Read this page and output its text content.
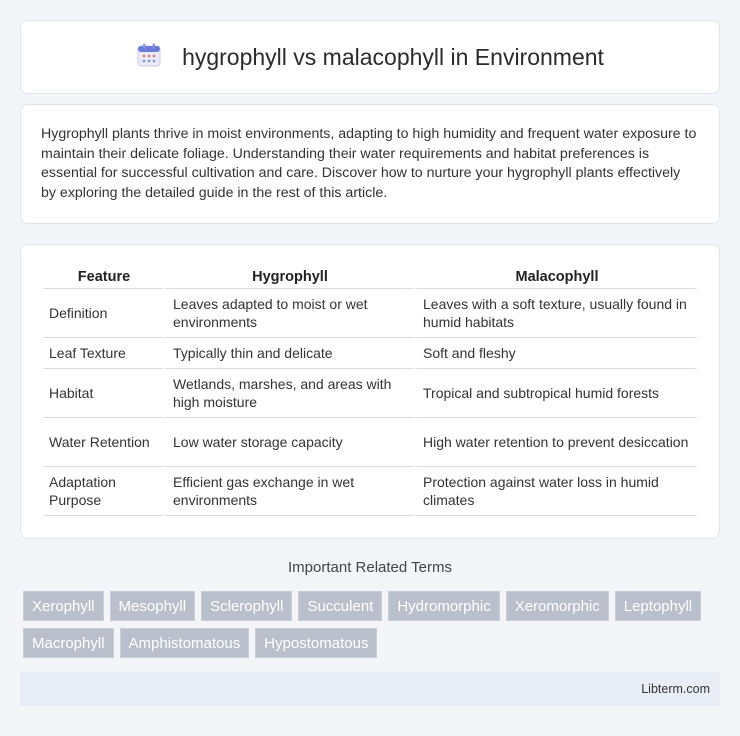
hygrophyll vs malacophyll in Environment

Hygrophyll plants thrive in moist environments, adapting to high humidity and frequent water exposure to maintain their delicate foliage. Understanding their water requirements and habitat preferences is essential for successful cultivation and care. Discover how to nurture your hygrophyll plants effectively by exploring the detailed guide in the rest of this article.

Feature	Hygrophyll	Malacophyll
Definition	Leaves adapted to moist or wet environments	Leaves with a soft texture, usually found in humid habitats
Leaf Texture	Typically thin and delicate	Soft and fleshy
Habitat	Wetlands, marshes, and areas with high moisture	Tropical and subtropical humid forests
Water Retention	Low water storage capacity	High water retention to prevent desiccation
Adaptation Purpose	Efficient gas exchange in wet environments	Protection against water loss in humid climates
Important Related Terms
Xerophyll	Mesophyll	Sclerophyll	Succulent	Hydromorphic	Xeromorphic	Leptophyll
Macrophyll	Amphistomatous	Hypostomatous
Libterm.com
